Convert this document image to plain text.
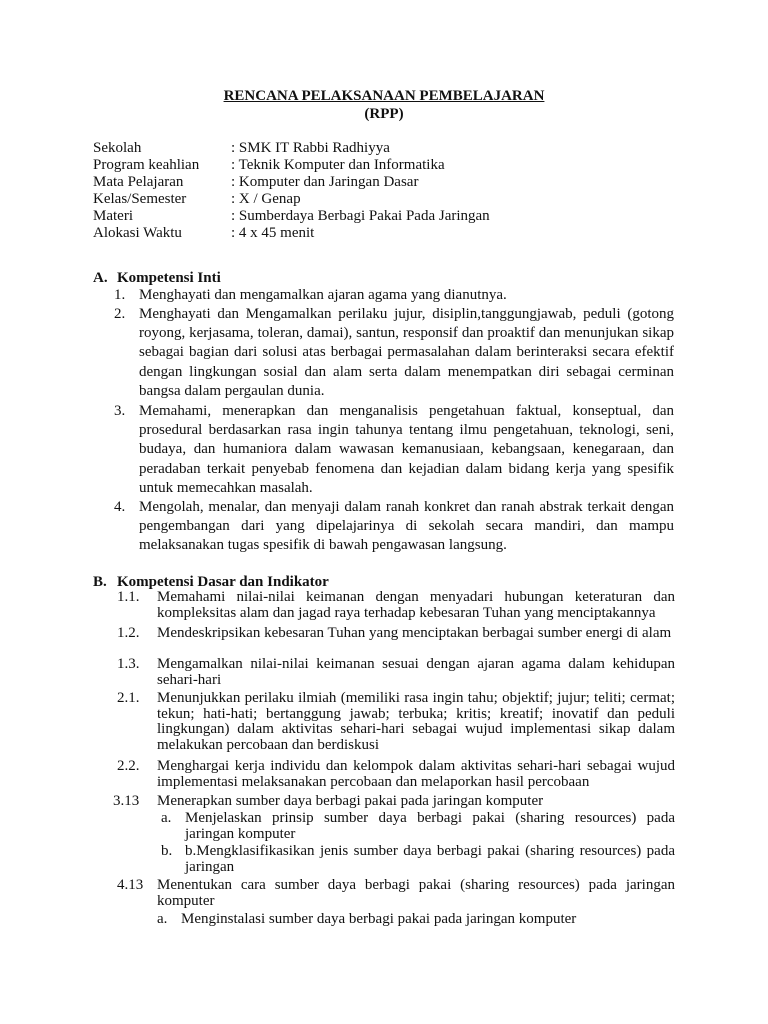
RENCANA PELAKSANAAN PEMBELAJARAN
(RPP)
Sekolah	: SMK IT Rabbi Radhiyya
Program keahlian : Teknik Komputer dan Informatika
Mata Pelajaran	: Komputer dan Jaringan Dasar
Kelas/Semester	: X / Genap
Materi	: Sumberdaya Berbagi Pakai Pada Jaringan
Alokasi Waktu	: 4 x 45 menit
A. Kompetensi Inti
1. Menghayati dan mengamalkan ajaran agama yang dianutnya.
2. Menghayati dan Mengamalkan perilaku jujur, disiplin,tanggungjawab, peduli (gotong royong, kerjasama, toleran, damai), santun, responsif dan proaktif dan menunjukan sikap sebagai bagian dari solusi atas berbagai permasalahan dalam berinteraksi secara efektif dengan lingkungan sosial dan alam serta dalam menempatkan diri sebagai cerminan bangsa dalam pergaulan dunia.
3. Memahami, menerapkan dan menganalisis pengetahuan faktual, konseptual, dan prosedural berdasarkan rasa ingin tahunya tentang ilmu pengetahuan, teknologi, seni, budaya, dan humaniora dalam wawasan kemanusiaan, kebangsaan, kenegaraan, dan peradaban terkait penyebab fenomena dan kejadian dalam bidang kerja yang spesifik untuk memecahkan masalah.
4. Mengolah, menalar, dan menyaji dalam ranah konkret dan ranah abstrak terkait dengan pengembangan dari yang dipelajarinya di sekolah secara mandiri, dan mampu melaksanakan tugas spesifik di bawah pengawasan langsung.
B. Kompetensi Dasar dan Indikator
1.1. Memahami nilai-nilai keimanan dengan menyadari hubungan keteraturan dan kompleksitas alam dan jagad raya terhadap kebesaran Tuhan yang menciptakannya
1.2. Mendeskripsikan kebesaran Tuhan yang menciptakan berbagai sumber energi di alam
1.3. Mengamalkan nilai-nilai keimanan sesuai dengan ajaran agama dalam kehidupan sehari-hari
2.1. Menunjukkan perilaku ilmiah (memiliki rasa ingin tahu; objektif; jujur; teliti; cermat; tekun; hati-hati; bertanggung jawab; terbuka; kritis; kreatif; inovatif dan peduli lingkungan) dalam aktivitas sehari-hari sebagai wujud implementasi sikap dalam melakukan percobaan dan berdiskusi
2.2. Menghargai kerja individu dan kelompok dalam aktivitas sehari-hari sebagai wujud implementasi melaksanakan percobaan dan melaporkan hasil percobaan
3.13 Menerapkan sumber daya berbagi pakai pada jaringan komputer
a. Menjelaskan prinsip sumber daya berbagi pakai (sharing resources) pada jaringan komputer
b. b.Mengklasifikasikan jenis sumber daya berbagi pakai (sharing resources) pada jaringan
4.13 Menentukan cara sumber daya berbagi pakai (sharing resources) pada jaringan komputer
a. Menginstalasi sumber daya berbagi pakai pada jaringan komputer
